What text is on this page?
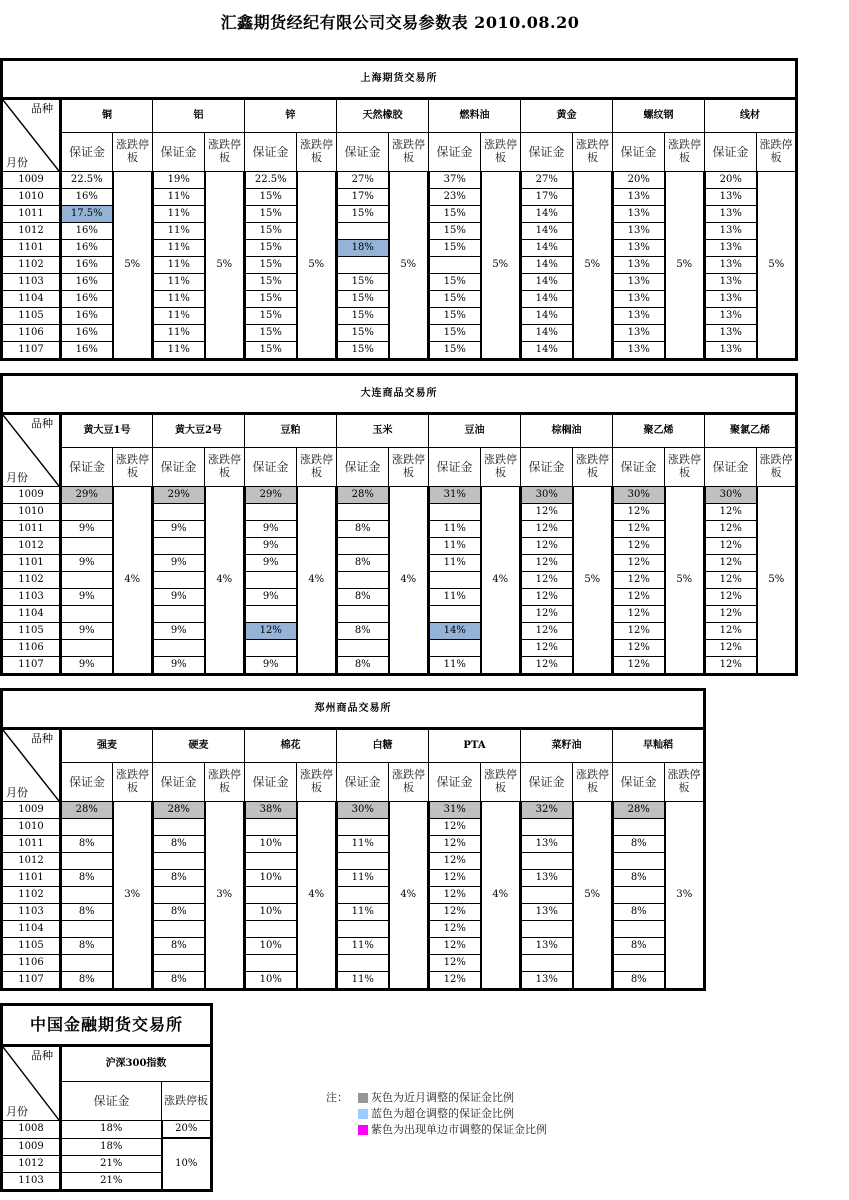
汇鑫期货经纪有限公司交易参数表 2010.08.20
上海期货交易所																

品种
月份	铜		铝		锌		天然橡胶		燃料油		黄金		螺纹钢		线材	
	保证金	涨跌停板	保证金	涨跌停板	保证金	涨跌停板	保证金	涨跌停板	保证金	涨跌停板	保证金	涨跌停板	保证金	涨跌停板	保证金	涨跌停板
1009	22.5%	5%	19%	5%	22.5%	5%	27%	5%	37%	5%	27%	5%	20%	5%	20%	5%
1010	16%		11%		15%		17%		23%		17%		13%		13%	
1011	17.5%		11%		15%		15%		15%		14%		13%		13%	
1012	16%		11%		15%				15%		14%		13%		13%	
1101	16%		11%		15%		18%		15%		14%		13%		13%	
1102	16%		11%		15%						14%		13%		13%	
1103	16%		11%		15%		15%		15%		14%		13%		13%	
1104	16%		11%		15%		15%		15%		14%		13%		13%	
1105	16%		11%		15%		15%		15%		14%		13%		13%	
1106	16%		11%		15%		15%		15%		14%		13%		13%	
1107	16%		11%		15%		15%		15%		14%		13%		13%	
大连商品交易所																

品种
月份	黄大豆1号		黄大豆2号		豆粕		玉米		豆油		棕榈油		聚乙烯		聚氯乙烯	
	保证金	涨跌停板	保证金	涨跌停板	保证金	涨跌停板	保证金	涨跌停板	保证金	涨跌停板	保证金	涨跌停板	保证金	涨跌停板	保证金	涨跌停板
1009	29%	4%	29%	4%	29%	4%	28%	4%	31%	4%	30%	5%	30%	5%	30%	5%
1010											12%		12%		12%	
1011	9%		9%		9%		8%		11%		12%		12%		12%	
1012					9%				11%		12%		12%		12%	
1101	9%		9%		9%		8%		11%		12%		12%		12%	
1102											12%		12%		12%	
1103	9%		9%		9%		8%		11%		12%		12%		12%	
1104											12%		12%		12%	
1105	9%		9%		12%		8%		14%		12%		12%		12%	
1106											12%		12%		12%	
1107	9%		9%		9%		8%		11%		12%		12%		12%	
郑州商品交易所														

品种
月份	强麦		硬麦		棉花		白糖		PTA		菜籽油		早籼稻	
	保证金	涨跌停板	保证金	涨跌停板	保证金	涨跌停板	保证金	涨跌停板	保证金	涨跌停板	保证金	涨跌停板	保证金	涨跌停板
1009	28%	3%	28%	3%	38%	4%	30%	4%	31%	4%	32%	5%	28%	3%
1010									12%					
1011	8%		8%		10%		11%		12%		13%		8%	
1012									12%					
1101	8%		8%		10%		11%		12%		13%		8%	
1102									12%					
1103	8%		8%		10%		11%		12%		13%		8%	
1104									12%					
1105	8%		8%		10%		11%		12%		13%		8%	
1106									12%					
1107	8%		8%		10%		11%		12%		13%		8%	
中国金融期货交易所		

品种
月份	沪深300指数	
	保证金	涨跌停板
1008	18%	20%
1009	18%	10%
1012	21%	
1103	21%	
注：	灰色为近月调整的保证金比例
蓝色为超仓调整的保证金比例
紫色为出现单边市调整的保证金比例
